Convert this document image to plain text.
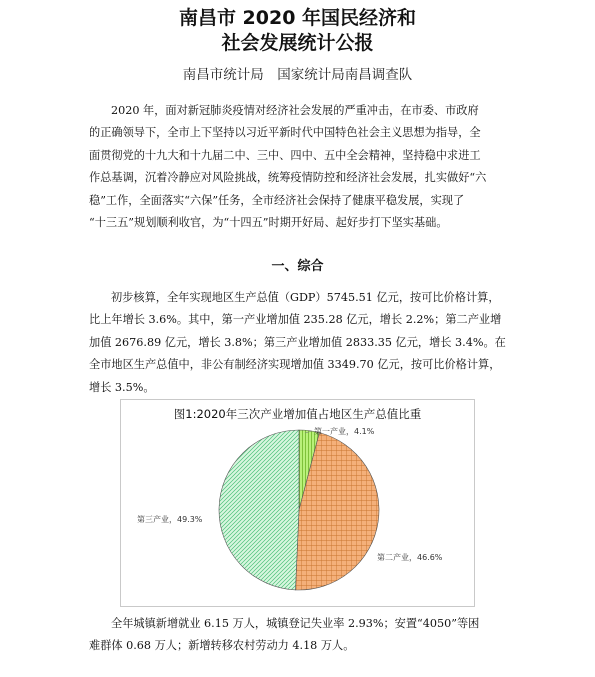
南昌市 2020 年国民经济和
社会发展统计公报
南昌市统计局　国家统计局南昌调查队
2020 年，面对新冠肺炎疫情对经济社会发展的严重冲击，在市委、市政府
的正确领导下，全市上下坚持以习近平新时代中国特色社会主义思想为指导，全
面贯彻党的十九大和十九届二中、三中、四中、五中全会精神，坚持稳中求进工
作总基调，沉着冷静应对风险挑战，统筹疫情防控和经济社会发展，扎实做好“六
稳”工作，全面落实“六保”任务，全市经济社会保持了健康平稳发展，实现了
“十三五”规划顺利收官，为“十四五”时期开好局、起好步打下坚实基础。
一、综合
初步核算，全年实现地区生产总值（GDP）5745.51 亿元，按可比价格计算，
比上年增长 3.6%。其中，第一产业增加值 235.28 亿元，增长 2.2%；第二产业增
加值 2676.89 亿元，增长 3.8%；第三产业增加值 2833.35 亿元，增长 3.4%。在
全市地区生产总值中，非公有制经济实现增加值 3349.70 亿元，按可比价格计算，
增长 3.5%。
图1:2020年三次产业增加值占地区生产总值比重
第一产业，4.1%
第二产业，46.6%
第三产业，49.3%
全年城镇新增就业 6.15 万人，城镇登记失业率 2.93%；安置“4050”等困
难群体 0.68 万人；新增转移农村劳动力 4.18 万人。
